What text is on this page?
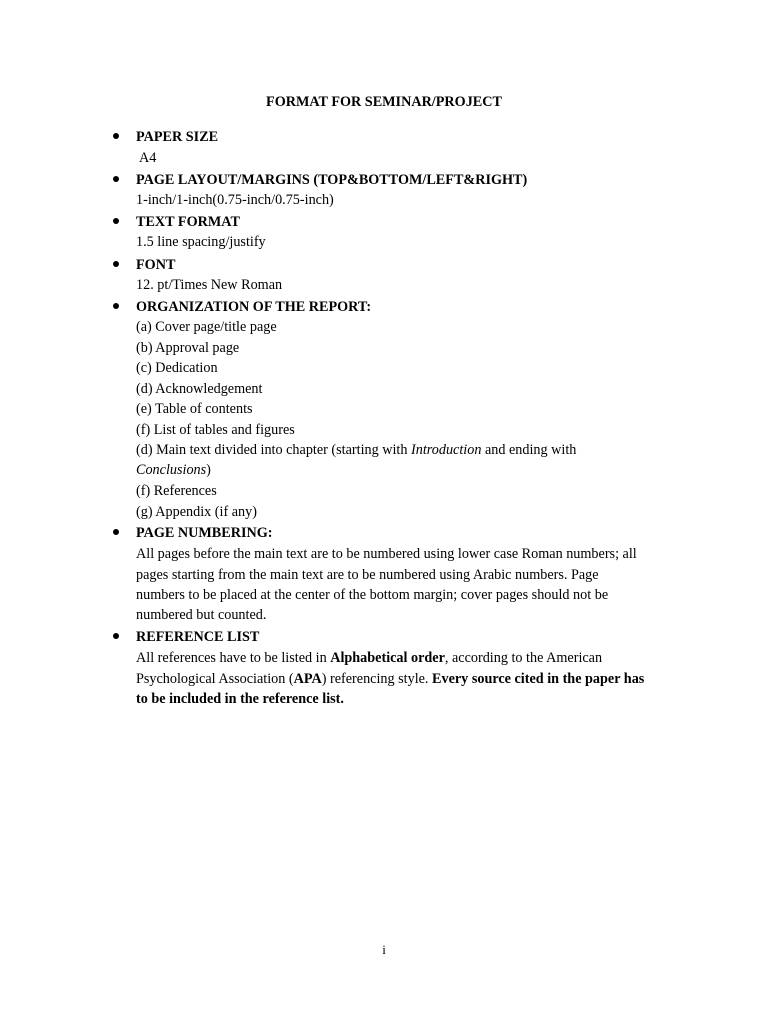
FORMAT FOR SEMINAR/PROJECT
PAPER SIZE
A4
PAGE LAYOUT/MARGINS (TOP&BOTTOM/LEFT&RIGHT)
1-inch/1-inch(0.75-inch/0.75-inch)
TEXT FORMAT
1.5 line spacing/justify
FONT
12. pt/Times New Roman
ORGANIZATION OF THE REPORT:
(a) Cover page/title page
(b) Approval page
(c) Dedication
(d) Acknowledgement
(e) Table of contents
(f) List of tables and figures
(d) Main text divided into chapter (starting with Introduction and ending with
Conclusions)
(f) References
(g) Appendix (if any)
PAGE NUMBERING:
All pages before the main text are to be numbered using lower case Roman numbers; all
pages starting from the main text are to be numbered using Arabic numbers. Page
numbers to be placed at the center of the bottom margin; cover pages should not be
numbered but counted.
REFERENCE LIST
All references have to be listed in Alphabetical order, according to the American
Psychological Association (APA) referencing style. Every source cited in the paper has
to be included in the reference list.
i
